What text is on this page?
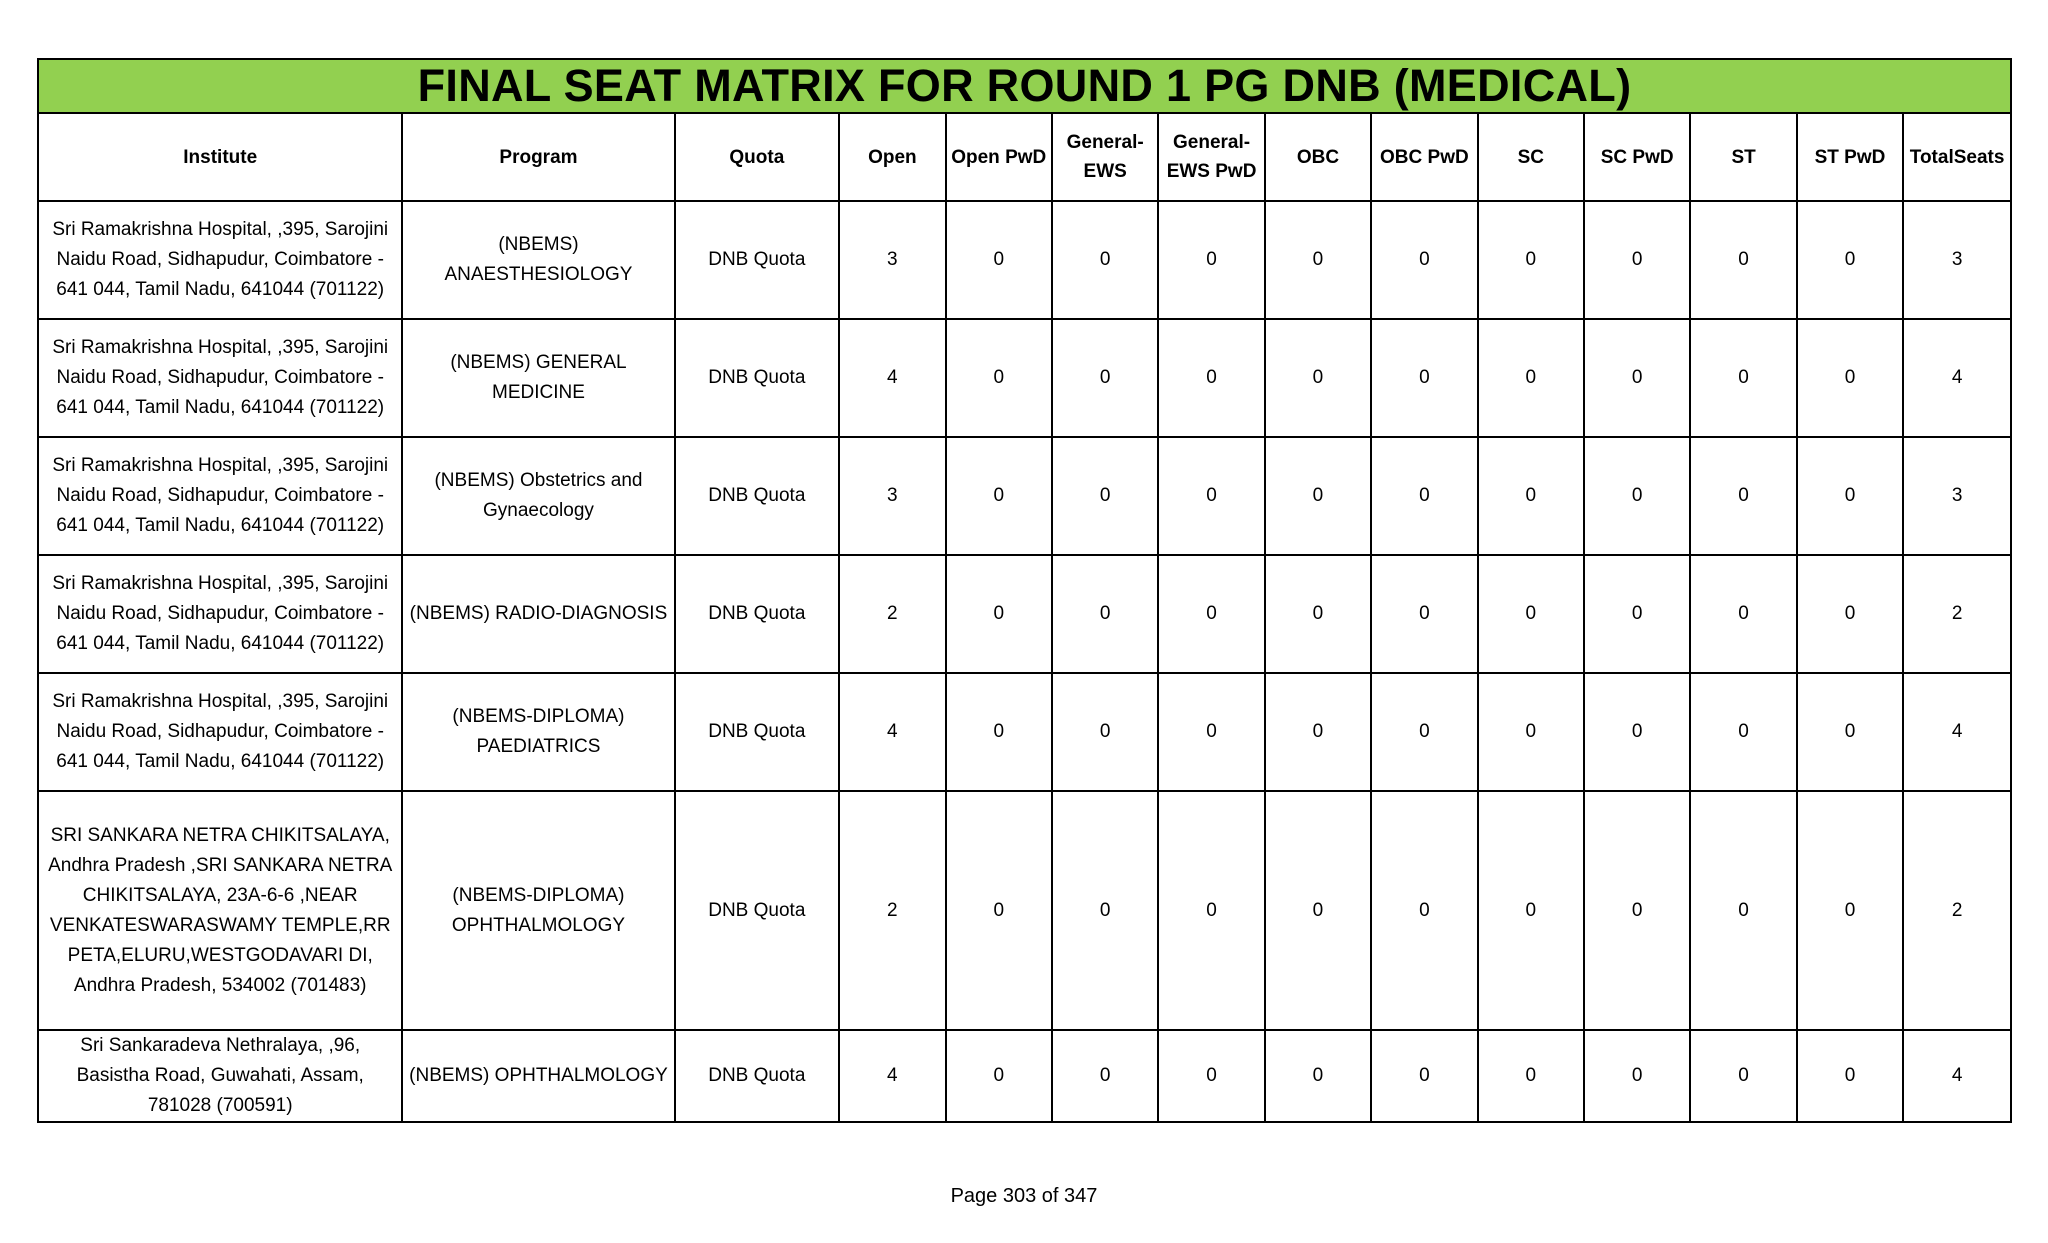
FINAL SEAT MATRIX FOR ROUND 1 PG DNB (MEDICAL)													
Institute	Program	Quota	Open	Open PwD	General-EWS	General-EWS PwD	OBC	OBC PwD	SC	SC PwD	ST	ST PwD	TotalSeats
Sri Ramakrishna Hospital, ,395, Sarojini Naidu Road, Sidhapudur, Coimbatore - 641 044, Tamil Nadu, 641044 (701122)	(NBEMS) ANAESTHESIOLOGY	DNB Quota	3	0	0	0	0	0	0	0	0	0	3
Sri Ramakrishna Hospital, ,395, Sarojini Naidu Road, Sidhapudur, Coimbatore - 641 044, Tamil Nadu, 641044 (701122)	(NBEMS) GENERAL MEDICINE	DNB Quota	4	0	0	0	0	0	0	0	0	0	4
Sri Ramakrishna Hospital, ,395, Sarojini Naidu Road, Sidhapudur, Coimbatore - 641 044, Tamil Nadu, 641044 (701122)	(NBEMS) Obstetrics and Gynaecology	DNB Quota	3	0	0	0	0	0	0	0	0	0	3
Sri Ramakrishna Hospital, ,395, Sarojini Naidu Road, Sidhapudur, Coimbatore - 641 044, Tamil Nadu, 641044 (701122)	(NBEMS) RADIO-DIAGNOSIS	DNB Quota	2	0	0	0	0	0	0	0	0	0	2
Sri Ramakrishna Hospital, ,395, Sarojini Naidu Road, Sidhapudur, Coimbatore - 641 044, Tamil Nadu, 641044 (701122)	(NBEMS-DIPLOMA) PAEDIATRICS	DNB Quota	4	0	0	0	0	0	0	0	0	0	4
SRI SANKARA NETRA CHIKITSALAYA, Andhra Pradesh ,SRI SANKARA NETRA CHIKITSALAYA, 23A-6-6 ,NEAR VENKATESWARASWAMY TEMPLE,RR PETA,ELURU,WESTGODAVARI DI, Andhra Pradesh, 534002 (701483)	(NBEMS-DIPLOMA) OPHTHALMOLOGY	DNB Quota	2	0	0	0	0	0	0	0	0	0	2
Sri Sankaradeva Nethralaya, ,96, Basistha Road, Guwahati, Assam, 781028 (700591)	(NBEMS) OPHTHALMOLOGY	DNB Quota	4	0	0	0	0	0	0	0	0	0	4
Page 303 of 347
